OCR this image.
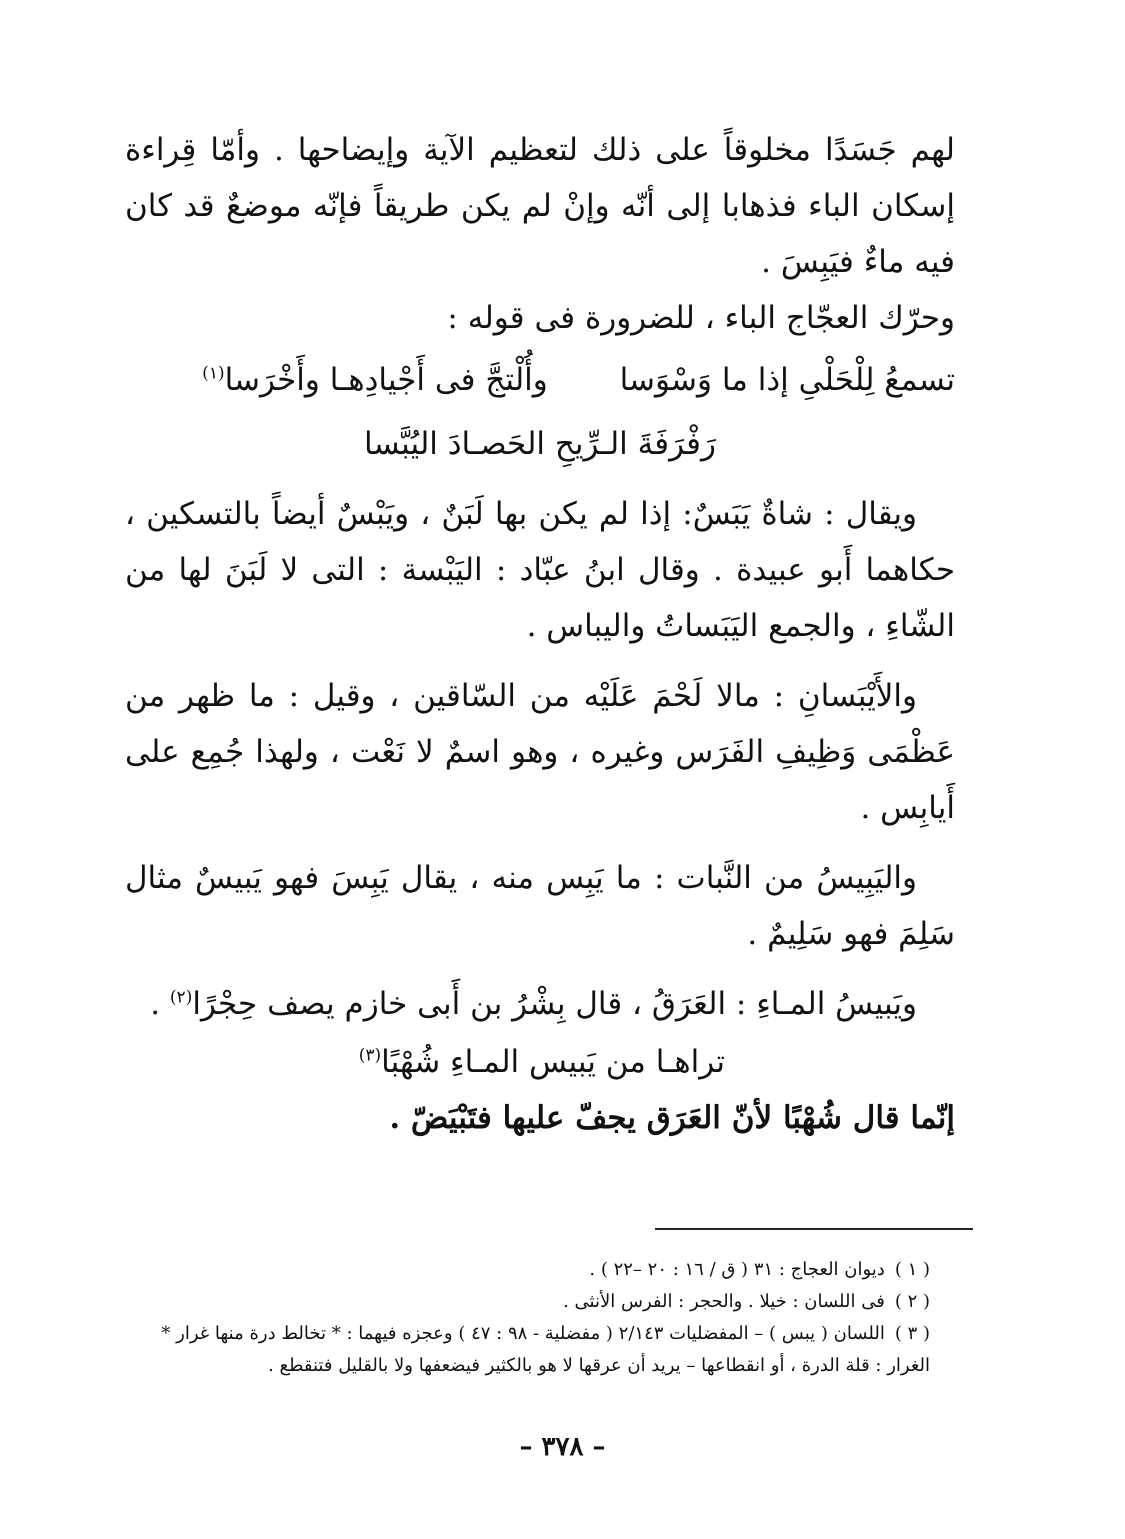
لهم جَسَدًا مخلوقاً على ذلك لتعظيم الآية وإيضاحها . وأمّا قِراءة إسكان الباء فذهابا إلى أنّه وإنْ لم يكن طريقاً فإنّه موضعٌ قد كان فيه ماءٌ فيَبِسَ .

وحرّك العجّاج الباء ، للضرورة فى قوله :

تسمعُ لِلْحَلْىِ إذا ما وَسْوَسا وأُلْتجَّ فى أَجْيادِهـا وأَخْرَسا$^{(١)}$

رَفْرَفَةَ الـرِّيحِ الحَصـادَ اليُبَّسا

ويقال : شاةٌ يَبَسٌ: إذا لم يكن بها لَبَنٌ ، ويَبْسٌ أيضاً بالتسكين ، حكاهما أَبو عبيدة . وقال ابنُ عبّاد : اليَبْسة : التى لا لَبَنَ لها من الشّاءِ ، والجمع اليَبَساتُ واليباس .

والأَيْبَسانِ : مالا لَحْمَ عَلَيْه من السّاقين ، وقيل : ما ظهر من عَظْمَى وَظِيفِ الفَرَس وغيره ، وهو اسمٌ لا نَعْت ، ولهذا جُمِع على أَيابِس .

واليَبِيسُ من النَّبات : ما يَبِس منه ، يقال يَبِسَ فهو يَبيسٌ مثال سَلِمَ فهو سَلِيمٌ .

ويَبيسُ المـاءِ : العَرَقُ ، قال بِشْرُ بن أَبى خازم يصف حِجْرًا$^{(٢)}$ .

تراهـا من يَبيس المـاءِ شُهْبًا$^{(٣)}$

إنّما قال شُهْبًا لأنّ العَرَق يجفّ عليها فتَبْيَضّ .

( ١ )ديوان العجاج : ٣١ ( ق / ١٦ : ٢٠ –٢٢ ) .

( ٢ )فى اللسان : خيلا . والحجر : الفرس الأنثى .

( ٣ )اللسان ( يبس ) – المفضليات ٢/١٤٣ ( مفضلية - ٩٨ : ٤٧ ) وعجزه فيهما : * تخالط درة منها غرار *

الغرار : قلة الدرة ، أو انقطاعها – يريد أن عرقها لا هو بالكثير فيضعفها ولا بالقليل فتنقطع .

– ٣٧٨ –
